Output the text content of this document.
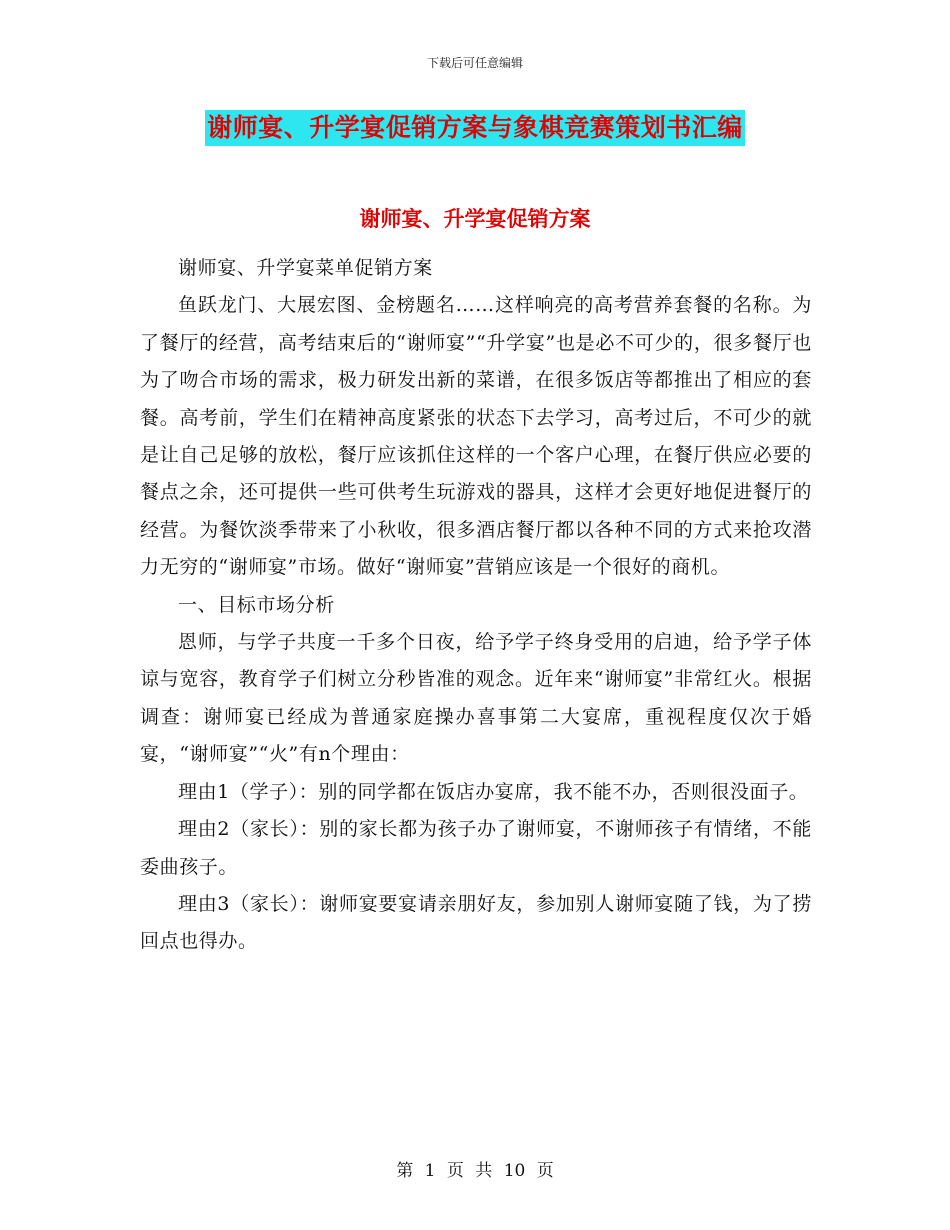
下载后可任意编辑
谢师宴、升学宴促销方案与象棋竞赛策划书汇编
谢师宴、升学宴促销方案

谢师宴、升学宴菜单促销方案

鱼跃龙门、大展宏图、金榜题名……这样响亮的高考营养套餐的名称。为了餐厅的经营，高考结束后的“谢师宴”“升学宴”也是必不可少的，很多餐厅也为了吻合市场的需求，极力研发出新的菜谱，在很多饭店等都推出了相应的套餐。高考前，学生们在精神高度紧张的状态下去学习，高考过后，不可少的就是让自己足够的放松，餐厅应该抓住这样的一个客户心理，在餐厅供应必要的餐点之余，还可提供一些可供考生玩游戏的器具，这样才会更好地促进餐厅的经营。为餐饮淡季带来了小秋收，很多酒店餐厅都以各种不同的方式来抢攻潜力无穷的“谢师宴”市场。做好“谢师宴”营销应该是一个很好的商机。

一、目标市场分析

恩师，与学子共度一千多个日夜，给予学子终身受用的启迪，给予学子体谅与宽容，教育学子们树立分秒皆准的观念。近年来“谢师宴”非常红火。根据调查：谢师宴已经成为普通家庭操办喜事第二大宴席，重视程度仅次于婚宴，“谢师宴”“火”有n个理由：

理由1（学子）：别的同学都在饭店办宴席，我不能不办，否则很没面子。

理由2（家长）：别的家长都为孩子办了谢师宴，不谢师孩子有情绪，不能委曲孩子。

理由3（家长）：谢师宴要宴请亲朋好友，参加别人谢师宴随了钱，为了捞回点也得办。

第 1 页 共 10 页
